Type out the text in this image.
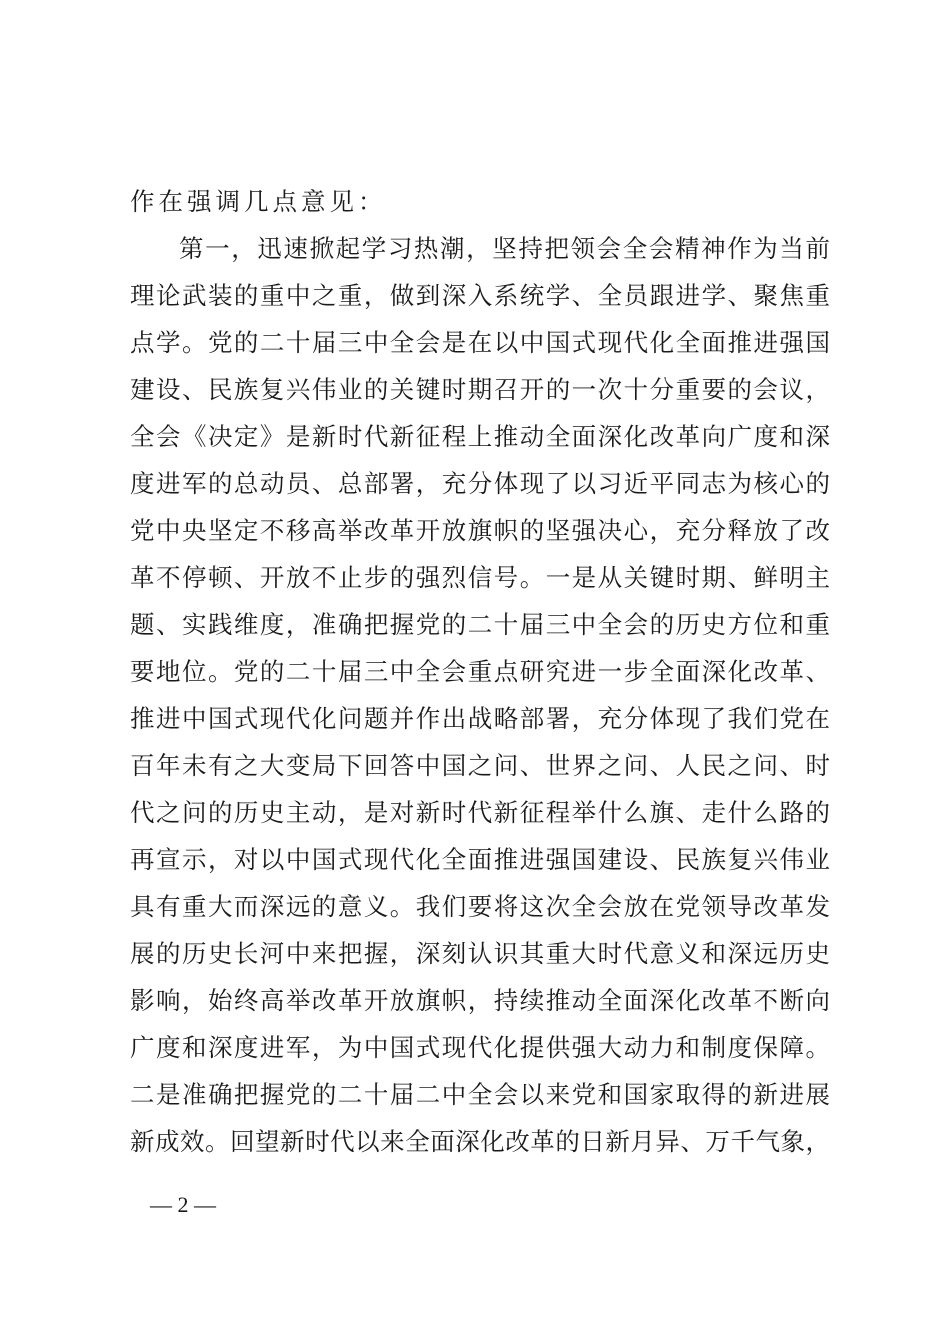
作在强调几点意见：
第一，迅速掀起学习热潮，坚持把领会全会精神作为当前
理论武装的重中之重，做到深入系统学、全员跟进学、聚焦重
点学。党的二十届三中全会是在以中国式现代化全面推进强国
建设、民族复兴伟业的关键时期召开的一次十分重要的会议，
全会《决定》是新时代新征程上推动全面深化改革向广度和深
度进军的总动员、总部署，充分体现了以习近平同志为核心的
党中央坚定不移高举改革开放旗帜的坚强决心，充分释放了改
革不停顿、开放不止步的强烈信号。一是从关键时期、鲜明主
题、实践维度，准确把握党的二十届三中全会的历史方位和重
要地位。党的二十届三中全会重点研究进一步全面深化改革、
推进中国式现代化问题并作出战略部署，充分体现了我们党在
百年未有之大变局下回答中国之问、世界之问、人民之问、时
代之问的历史主动，是对新时代新征程举什么旗、走什么路的
再宣示，对以中国式现代化全面推进强国建设、民族复兴伟业
具有重大而深远的意义。我们要将这次全会放在党领导改革发
展的历史长河中来把握，深刻认识其重大时代意义和深远历史
影响，始终高举改革开放旗帜，持续推动全面深化改革不断向
广度和深度进军，为中国式现代化提供强大动力和制度保障。
二是准确把握党的二十届二中全会以来党和国家取得的新进展
新成效。回望新时代以来全面深化改革的日新月异、万千气象，
— 2 —
